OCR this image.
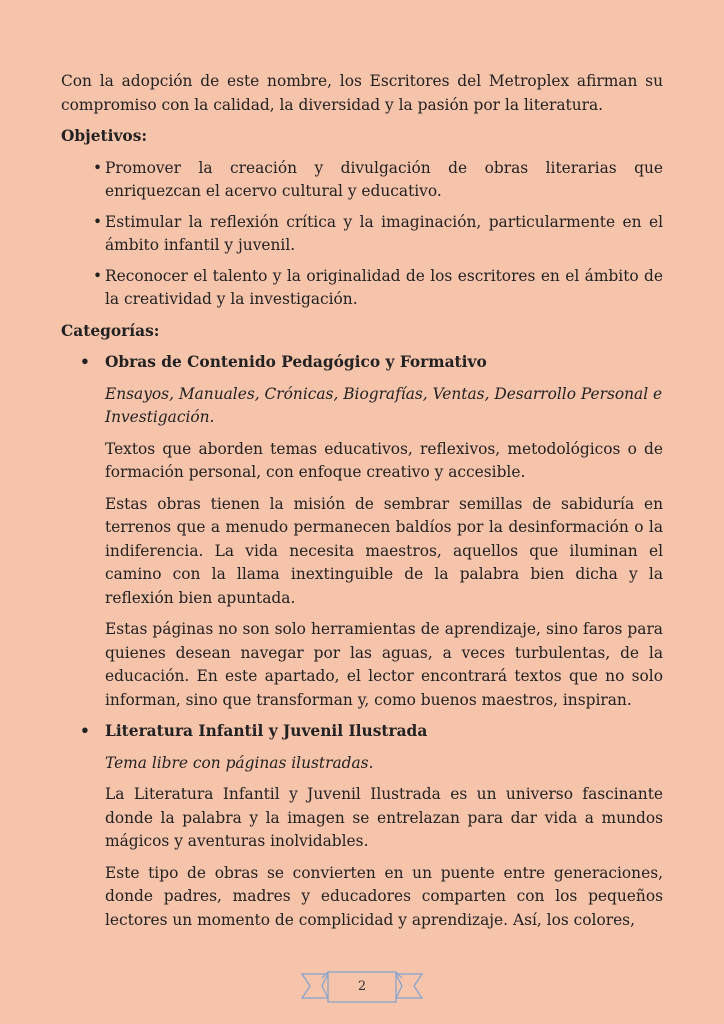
Con la adopción de este nombre, los Escritores del Metroplex afirman su compromiso con la calidad, la diversidad y la pasión por la literatura.

Objetivos:

• Promover la creación y divulgación de obras literarias que enriquezcan el acervo cultural y educativo.
• Estimular la reflexión crítica y la imaginación, particularmente en el ámbito infantil y juvenil.
• Reconocer el talento y la originalidad de los escritores en el ámbito de la creatividad y la investigación.

Categorías:

• Obras de Contenido Pedagógico y Formativo

Ensayos, Manuales, Crónicas, Biografías, Ventas, Desarrollo Personal e Investigación.

Textos que aborden temas educativos, reflexivos, metodológicos o de formación personal, con enfoque creativo y accesible.

Estas obras tienen la misión de sembrar semillas de sabiduría en terrenos que a menudo permanecen baldíos por la desinformación o la indiferencia. La vida necesita maestros, aquellos que iluminan el camino con la llama inextinguible de la palabra bien dicha y la reflexión bien apuntada.

Estas páginas no son solo herramientas de aprendizaje, sino faros para quienes desean navegar por las aguas, a veces turbulentas, de la educación. En este apartado, el lector encontrará textos que no solo informan, sino que transforman y, como buenos maestros, inspiran.

• Literatura Infantil y Juvenil Ilustrada

Tema libre con páginas ilustradas.

La Literatura Infantil y Juvenil Ilustrada es un universo fascinante donde la palabra y la imagen se entrelazan para dar vida a mundos mágicos y aventuras inolvidables.

Este tipo de obras se convierten en un puente entre generaciones, donde padres, madres y educadores comparten con los pequeños lectores un momento de complicidad y aprendizaje. Así, los colores,

2
